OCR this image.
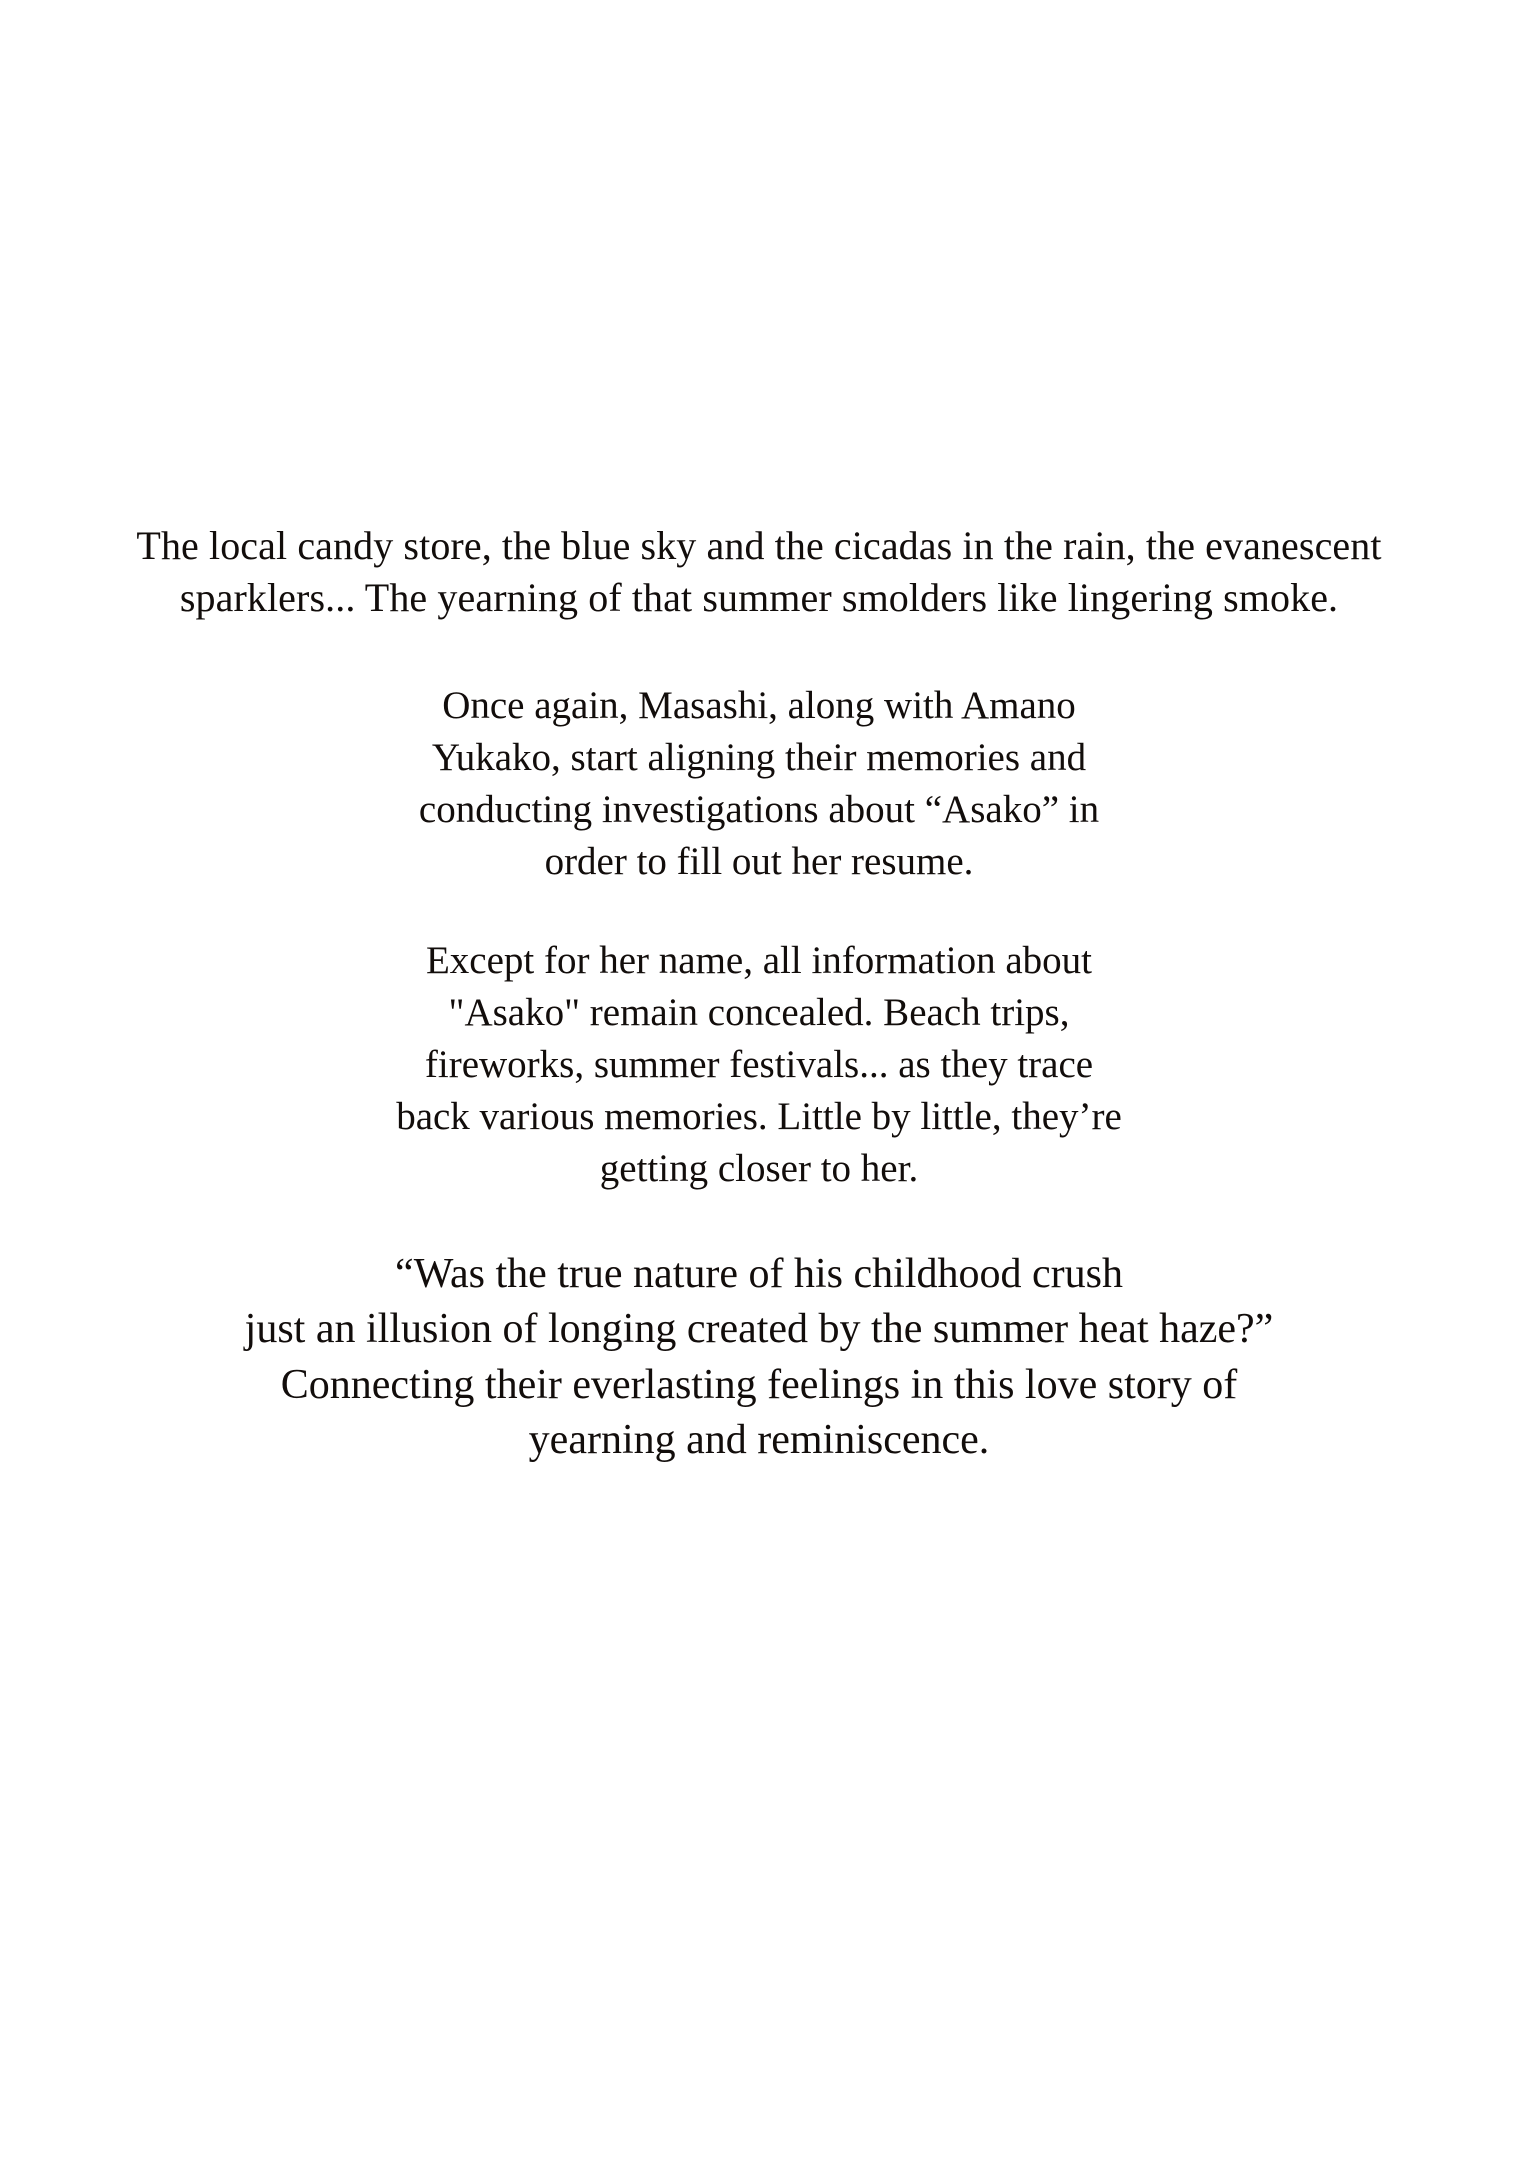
The local candy store, the blue sky and the cicadas in the rain, the evanescent sparklers... The yearning of that summer smolders like lingering smoke.

Once again, Masashi, along with Amano

Yukako, start aligning their memories and

conducting investigations about “Asako” in

order to fill out her resume.

Except for her name, all information about

"Asako" remain concealed. Beach trips,

fireworks, summer festivals... as they trace

back various memories. Little by little, they’re

getting closer to her.

“Was the true nature of his childhood crush

just an illusion of longing created by the summer heat haze?”

Connecting their everlasting feelings in this love story of

yearning and reminiscence.
